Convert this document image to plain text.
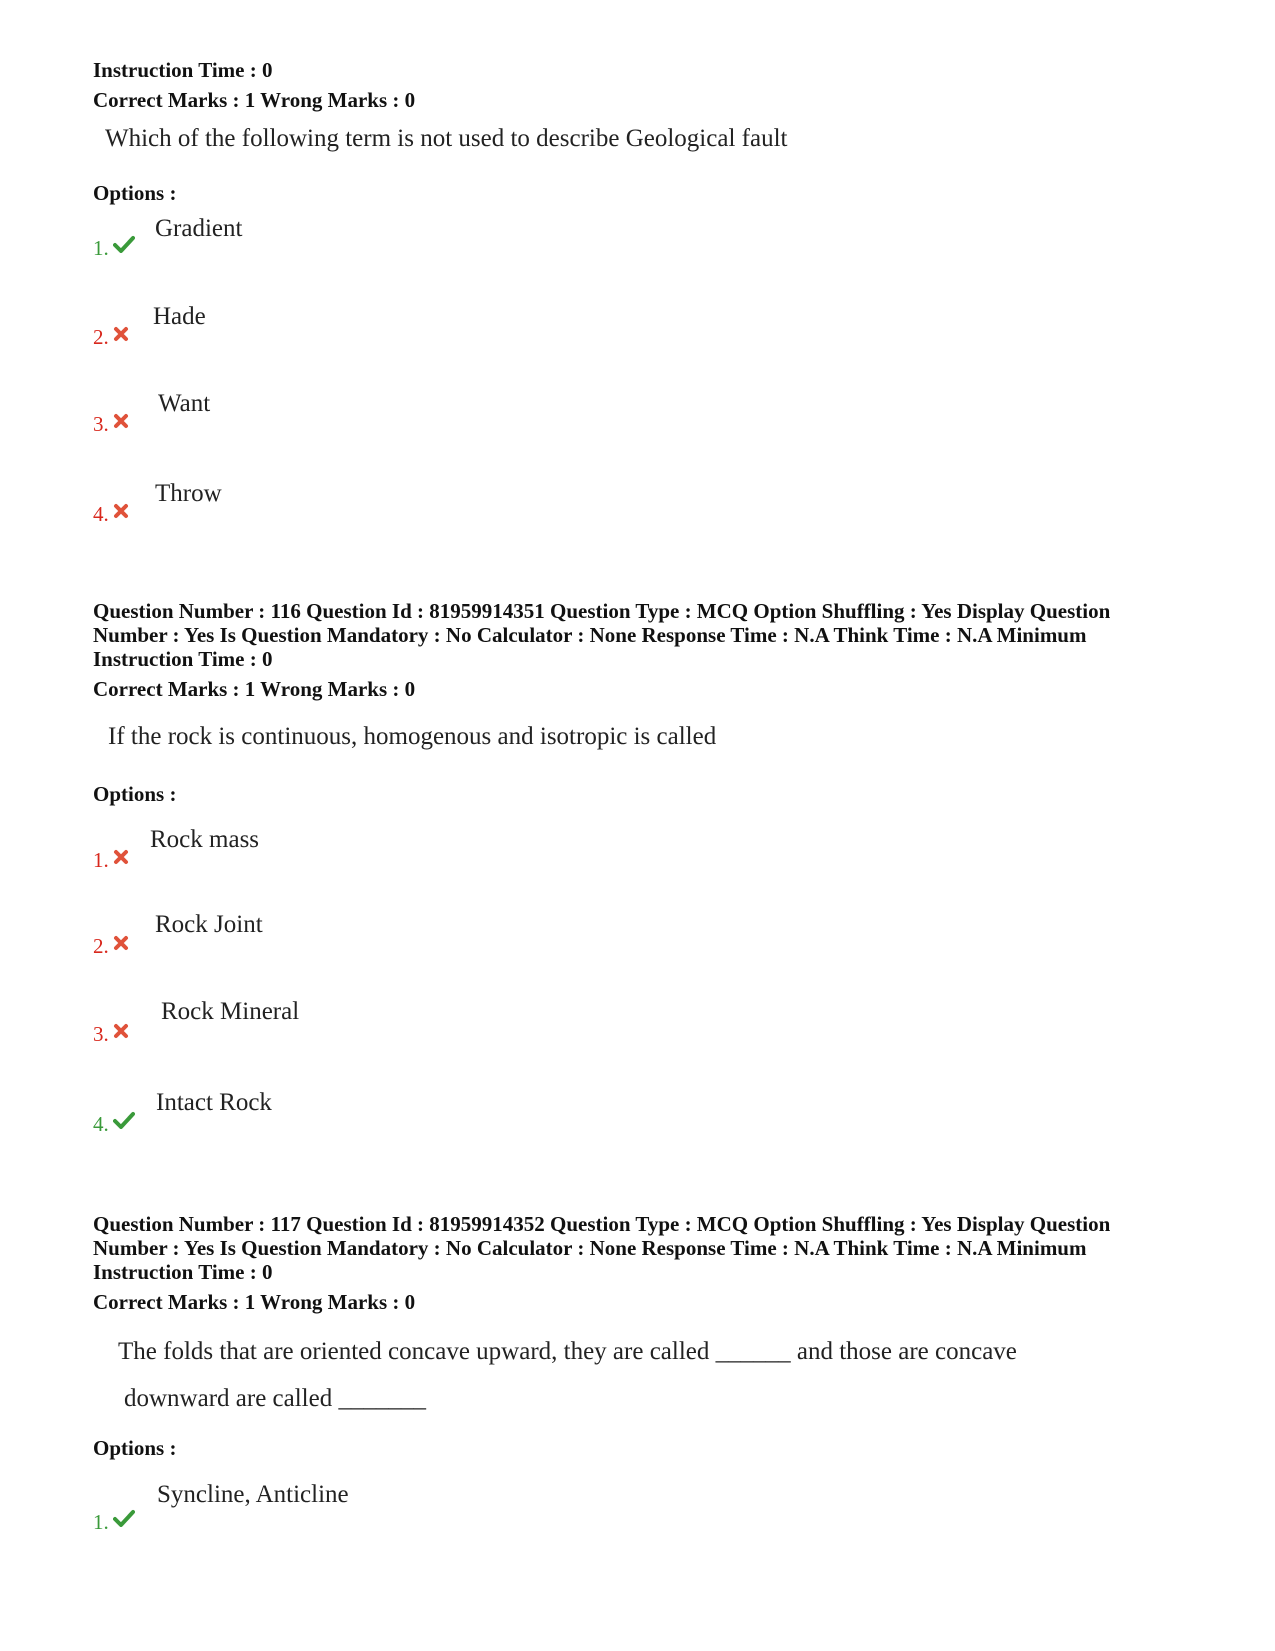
Instruction Time : 0

Correct Marks : 1 Wrong Marks : 0

Which of the following term is not used to describe Geological fault

Options :

1.
Gradient
2.
Hade
3.
Want
4.
Throw

Question Number : 116 Question Id : 81959914351 Question Type : MCQ Option Shuffling : Yes Display Question

Number : Yes Is Question Mandatory : No Calculator : None Response Time : N.A Think Time : N.A Minimum

Instruction Time : 0

Correct Marks : 1 Wrong Marks : 0

If the rock is continuous, homogenous and isotropic is called

Options :

1.
Rock mass
2.
Rock Joint
3.
Rock Mineral
4.
Intact Rock

Question Number : 117 Question Id : 81959914352 Question Type : MCQ Option Shuffling : Yes Display Question

Number : Yes Is Question Mandatory : No Calculator : None Response Time : N.A Think Time : N.A Minimum

Instruction Time : 0

Correct Marks : 1 Wrong Marks : 0

The folds that are oriented concave upward, they are called ______ and those are concave

downward are called _______

Options :

1.
Syncline, Anticline
